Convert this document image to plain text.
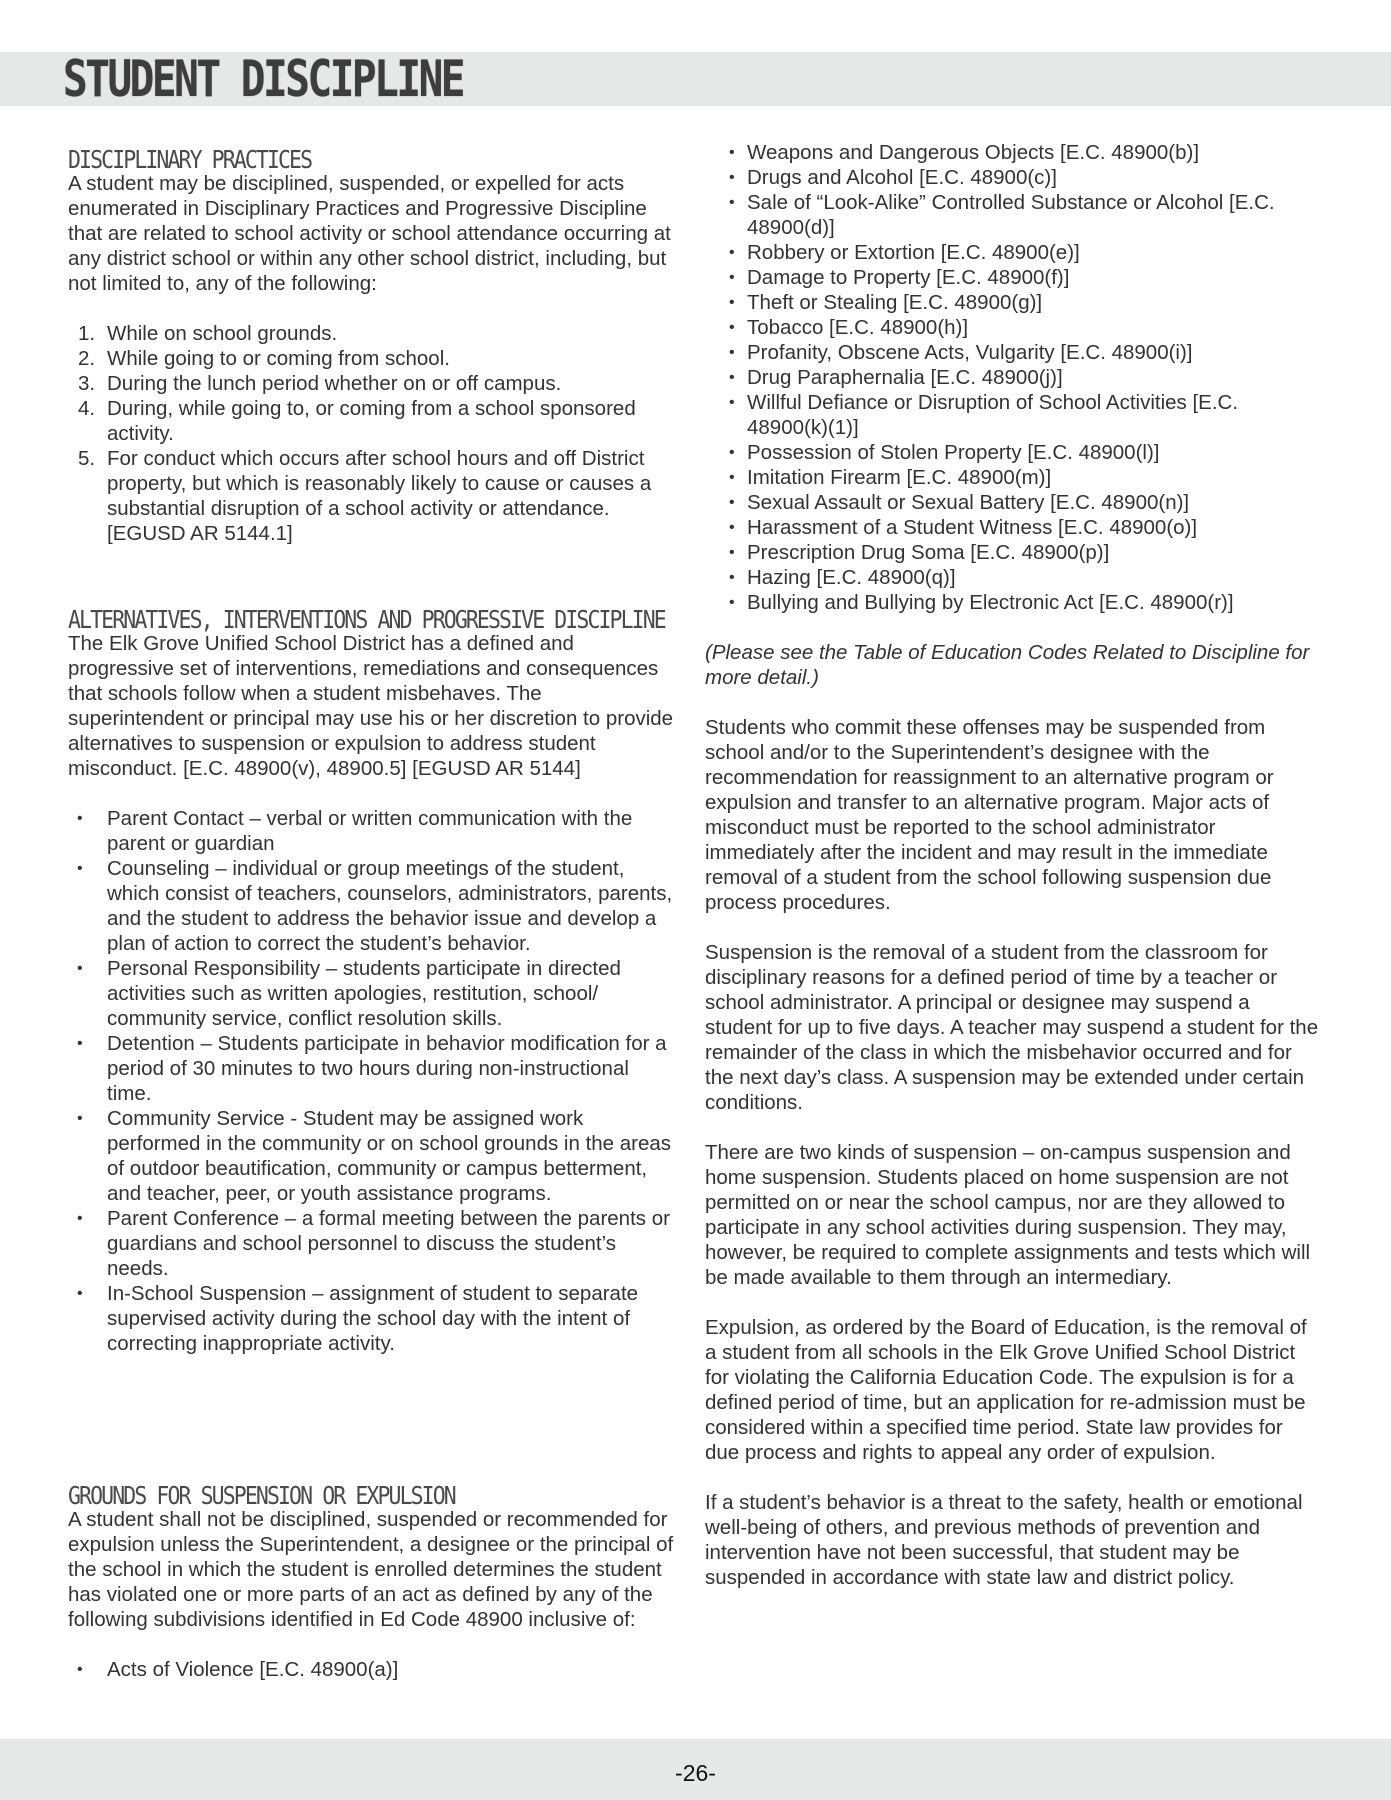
STUDENT DISCIPLINE
DISCIPLINARY PRACTICES

A student may be disciplined, suspended, or expelled for acts enumerated in Disciplinary Practices and Progressive Discipline that are related to school activity or school attendance occurring at any district school or within any other school district, including, but not limited to, any of the following:

1. While on school grounds.
2. While going to or coming from school.
3. During the lunch period whether on or off campus.
4. During, while going to, or coming from a school sponsored activity.
5. For conduct which occurs after school hours and off District property, but which is reasonably likely to cause or causes a substantial disruption of a school activity or attendance. [EGUSD AR 5144.1]
ALTERNATIVES, INTERVENTIONS AND PROGRESSIVE DISCIPLINE

The Elk Grove Unified School District has a defined and progressive set of interventions, remediations and consequences that schools follow when a student misbehaves. The superintendent or principal may use his or her discretion to provide alternatives to suspension or expulsion to address student misconduct. [E.C. 48900(v), 48900.5] [EGUSD AR 5144]

• Parent Contact – verbal or written communication with the parent or guardian
• Counseling – individual or group meetings of the student, which consist of teachers, counselors, administrators, parents, and the student to address the behavior issue and develop a plan of action to correct the student’s behavior.
• Personal Responsibility – students participate in directed activities such as written apologies, restitution, school/ community service, conflict resolution skills.
• Detention – Students participate in behavior modification for a period of 30 minutes to two hours during non-instructional time.
• Community Service - Student may be assigned work performed in the community or on school grounds in the areas of outdoor beautification, community or campus betterment, and teacher, peer, or youth assistance programs.
• Parent Conference – a formal meeting between the parents or guardians and school personnel to discuss the student’s needs.
• In-School Suspension – assignment of student to separate supervised activity during the school day with the intent of correcting inappropriate activity.
GROUNDS FOR SUSPENSION OR EXPULSION

A student shall not be disciplined, suspended or recommended for expulsion unless the Superintendent, a designee or the principal of the school in which the student is enrolled determines the student has violated one or more parts of an act as defined by any of the following subdivisions identified in Ed Code 48900 inclusive of:

• Acts of Violence [E.C. 48900(a)]
• Weapons and Dangerous Objects [E.C. 48900(b)]
• Drugs and Alcohol [E.C. 48900(c)]
• Sale of “Look-Alike” Controlled Substance or Alcohol [E.C. 48900(d)]
• Robbery or Extortion [E.C. 48900(e)]
• Damage to Property [E.C. 48900(f)]
• Theft or Stealing [E.C. 48900(g)]
• Tobacco [E.C. 48900(h)]
• Profanity, Obscene Acts, Vulgarity [E.C. 48900(i)]
• Drug Paraphernalia [E.C. 48900(j)]
• Willful Defiance or Disruption of School Activities [E.C. 48900(k)(1)]
• Possession of Stolen Property [E.C. 48900(l)]
• Imitation Firearm [E.C. 48900(m)]
• Sexual Assault or Sexual Battery [E.C. 48900(n)]
• Harassment of a Student Witness [E.C. 48900(o)]
• Prescription Drug Soma [E.C. 48900(p)]
• Hazing [E.C. 48900(q)]
• Bullying and Bullying by Electronic Act [E.C. 48900(r)]

(Please see the Table of Education Codes Related to Discipline for more detail.)

Students who commit these offenses may be suspended from school and/or to the Superintendent’s designee with the recommendation for reassignment to an alternative program or expulsion and transfer to an alternative program. Major acts of misconduct must be reported to the school administrator immediately after the incident and may result in the immediate removal of a student from the school following suspension due process procedures.

Suspension is the removal of a student from the classroom for disciplinary reasons for a defined period of time by a teacher or school administrator. A principal or designee may suspend a student for up to five days. A teacher may suspend a student for the remainder of the class in which the misbehavior occurred and for the next day’s class. A suspension may be extended under certain conditions.

There are two kinds of suspension – on-campus suspension and home suspension. Students placed on home suspension are not permitted on or near the school campus, nor are they allowed to participate in any school activities during suspension. They may, however, be required to complete assignments and tests which will be made available to them through an intermediary.

Expulsion, as ordered by the Board of Education, is the removal of a student from all schools in the Elk Grove Unified School District for violating the California Education Code. The expulsion is for a defined period of time, but an application for re-admission must be considered within a specified time period. State law provides for due process and rights to appeal any order of expulsion.

If a student’s behavior is a threat to the safety, health or emotional well-being of others, and previous methods of prevention and intervention have not been successful, that student may be suspended in accordance with state law and district policy.

-26-
